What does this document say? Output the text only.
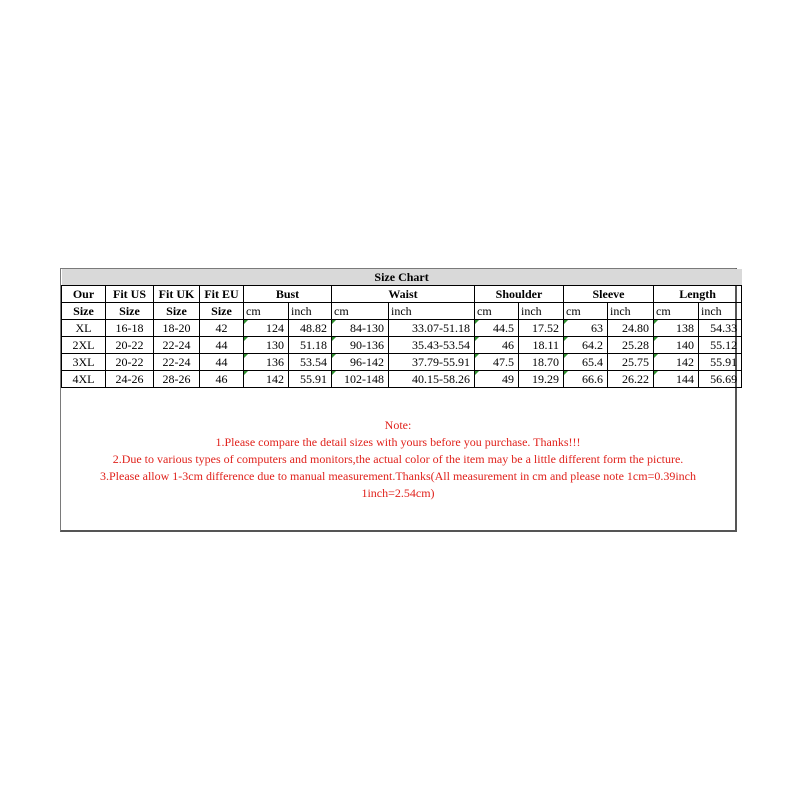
Size Chart													
Our	Fit US	Fit UK	Fit EU	Bust		Waist		Shoulder		Sleeve		Length	
Size	Size	Size	Size	cm	inch	cm	inch	cm	inch	cm	inch	cm	inch
XL	16-18	18-20	42	124	48.82	84-130	33.07-51.18	44.5	17.52	63	24.80	138	54.33
2XL	20-22	22-24	44	130	51.18	90-136	35.43-53.54	46	18.11	64.2	25.28	140	55.12
3XL	20-22	22-24	44	136	53.54	96-142	37.79-55.91	47.5	18.70	65.4	25.75	142	55.91
4XL	24-26	28-26	46	142	55.91	102-148	40.15-58.26	49	19.29	66.6	26.22	144	56.69
Note:
1.Please compare the detail sizes with yours before you purchase. Thanks!!!
2.Due to various types of computers and monitors,the actual color of the item may be a little different form the picture.
3.Please allow 1-3cm difference due to manual measurement.Thanks(All measurement in cm and please note 1cm=0.39inch
1inch=2.54cm)
